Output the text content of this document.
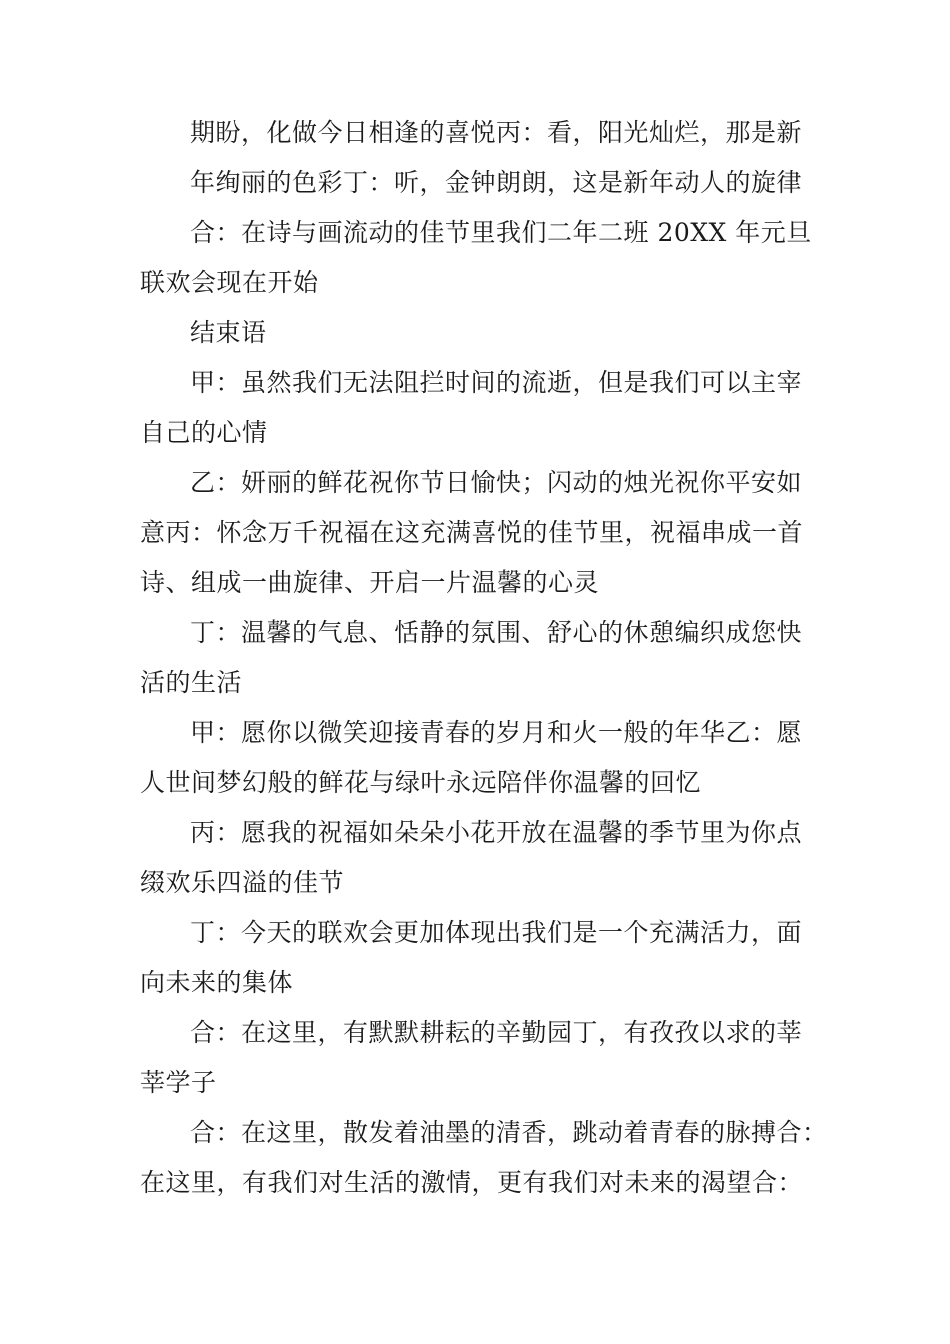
期盼，化做今日相逢的喜悦丙：看，阳光灿烂，那是新
年绚丽的色彩丁：听，金钟朗朗，这是新年动人的旋律
合：在诗与画流动的佳节里我们二年二班 20XX 年元旦
联欢会现在开始
结束语
甲：虽然我们无法阻拦时间的流逝，但是我们可以主宰
自己的心情
乙：妍丽的鲜花祝你节日愉快；闪动的烛光祝你平安如
意丙：怀念万千祝福在这充满喜悦的佳节里，祝福串成一首
诗、组成一曲旋律、开启一片温馨的心灵
丁：温馨的气息、恬静的氛围、舒心的休憩编织成您快
活的生活
甲：愿你以微笑迎接青春的岁月和火一般的年华乙：愿
人世间梦幻般的鲜花与绿叶永远陪伴你温馨的回忆
丙：愿我的祝福如朵朵小花开放在温馨的季节里为你点
缀欢乐四溢的佳节
丁：今天的联欢会更加体现出我们是一个充满活力，面
向未来的集体
合：在这里，有默默耕耘的辛勤园丁，有孜孜以求的莘
莘学子
合：在这里，散发着油墨的清香，跳动着青春的脉搏合：
在这里，有我们对生活的激情，更有我们对未来的渴望合：
